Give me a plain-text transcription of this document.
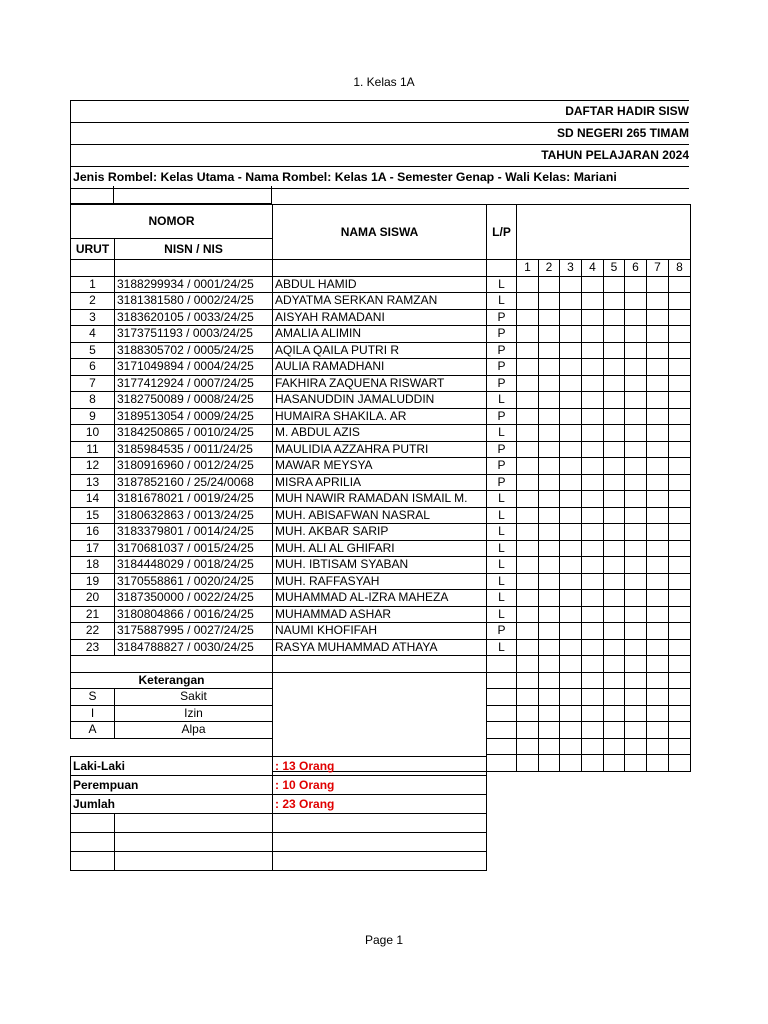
1. Kelas 1A
DAFTAR HADIR SISW
SD NEGERI 265 TIMAM
TAHUN PELAJARAN 2024
Jenis Rombel: Kelas Utama - Nama Rombel: Kelas 1A - Semester Genap - Wali Kelas: Mariani
NOMOR		NAMA SISWA	L/P								
URUT	NISN / NIS										
				1	2	3	4	5	6	7	8
1	3188299934 / 0001/24/25	ABDUL HAMID	L								
2	3181381580 / 0002/24/25	ADYATMA SERKAN RAMZAN	L								
3	3183620105 / 0033/24/25	AISYAH RAMADANI	P								
4	3173751193 / 0003/24/25	AMALIA ALIMIN	P								
5	3188305702 / 0005/24/25	AQILA QAILA PUTRI R	P								
6	3171049894 / 0004/24/25	AULIA RAMADHANI	P								
7	3177412924 / 0007/24/25	FAKHIRA ZAQUENA RISWART	P								
8	3182750089 / 0008/24/25	HASANUDDIN JAMALUDDIN	L								
9	3189513054 / 0009/24/25	HUMAIRA SHAKILA. AR	P								
10	3184250865 / 0010/24/25	M. ABDUL AZIS	L								
11	3185984535 / 0011/24/25	MAULIDIA AZZAHRA PUTRI	P								
12	3180916960 / 0012/24/25	MAWAR MEYSYA	P								
13	3187852160 / 25/24/0068	MISRA APRILIA	P								
14	3181678021 / 0019/24/25	MUH NAWIR RAMADAN ISMAIL M.	L								
15	3180632863 / 0013/24/25	MUH. ABISAFWAN NASRAL	L								
16	3183379801 / 0014/24/25	MUH. AKBAR SARIP	L								
17	3170681037 / 0015/24/25	MUH. ALI AL GHIFARI	L								
18	3184448029 / 0018/24/25	MUH. IBTISAM SYABAN	L								
19	3170558861 / 0020/24/25	MUH. RAFFASYAH	L								
20	3187350000 / 0022/24/25	MUHAMMAD AL-IZRA MAHEZA	L								
21	3180804866 / 0016/24/25	MUHAMMAD ASHAR	L								
22	3175887995 / 0027/24/25	NAUMI KHOFIFAH	P								
23	3184788827 / 0030/24/25	RASYA MUHAMMAD ATHAYA	L								

Keterangan											
S	Sakit										
I	Izin										
A	Alpa										

Laki-Laki		: 13 Orang
Perempuan		: 10 Orang
Jumlah		: 23 Orang

Page 1
